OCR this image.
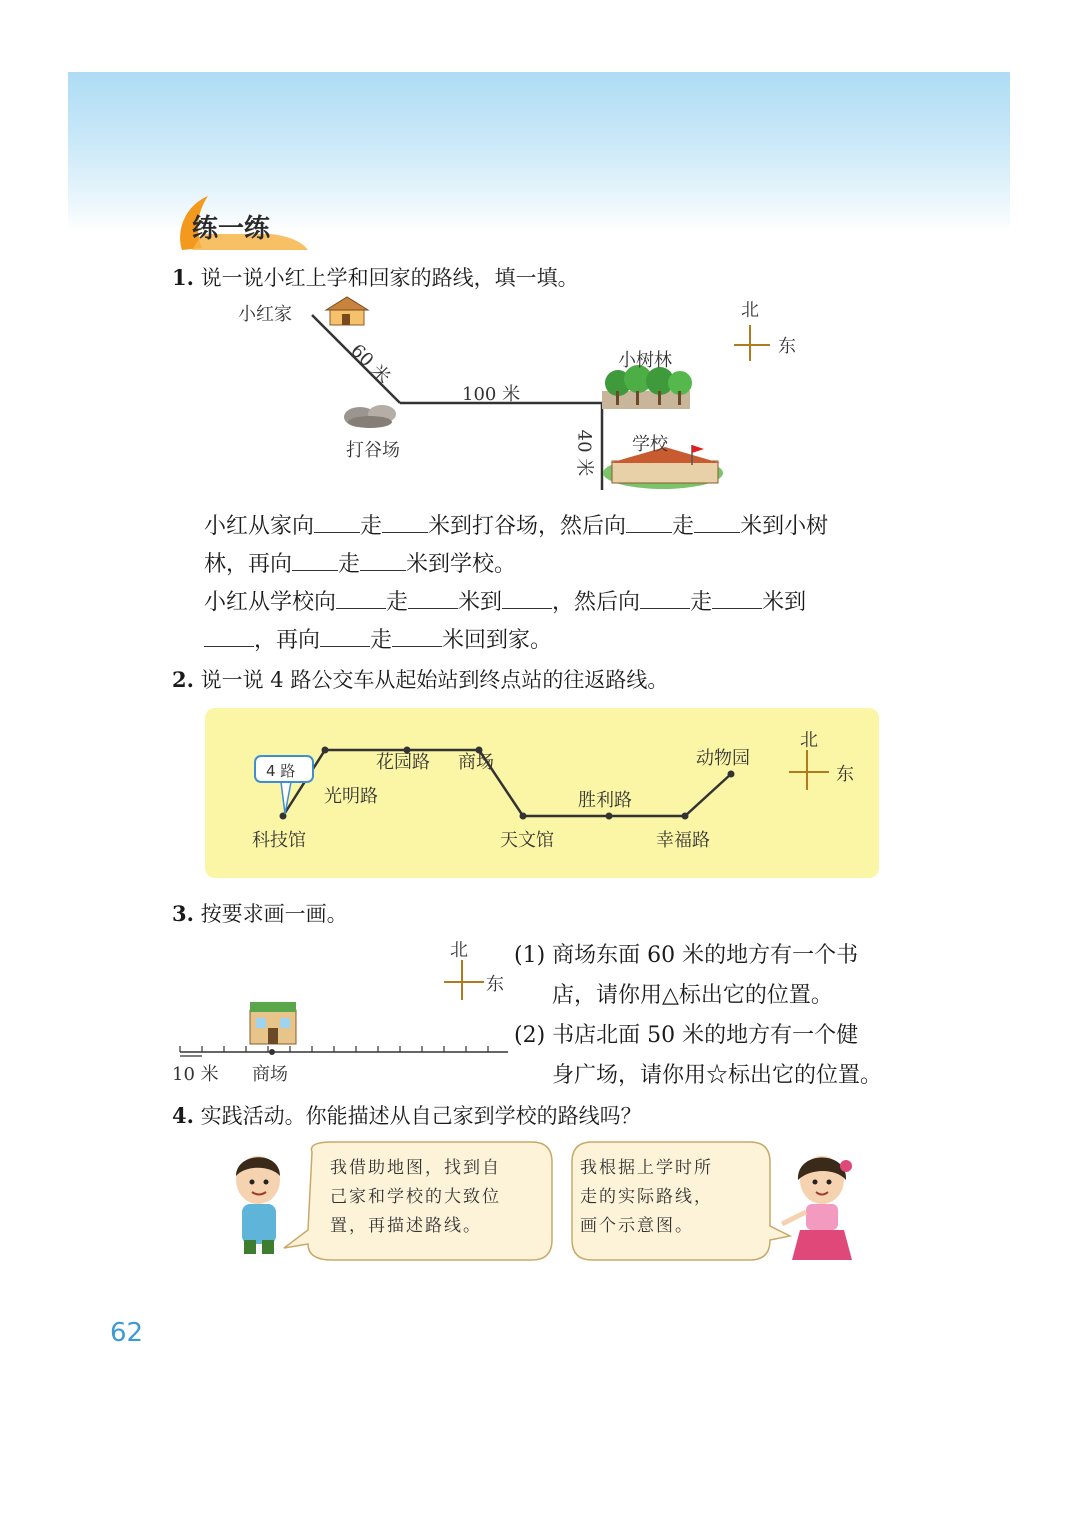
练一练
1. 说一说小红上学和回家的路线，填一填。
小红家
打谷场
小树林
学校
60 米
100 米
40 米
北
东
小红从家向 走 米到打谷场，然后向 走 米到小树
林，再向 走 米到学校。
小红从学校向 走 米到 ，然后向 走 米到
，再向 走 米回到家。
2. 说一说 4 路公交车从起始站到终点站的往返路线。
4 路
科技馆
光明路
花园路 商场
天文馆
胜利路
幸福路
动物园
北
东
3. 按要求画一画。
北
东
10 米 商场
(1) 商场东面 60 米的地方有一个书
店，请你用△标出它的位置。
(2) 书店北面 50 米的地方有一个健
身广场，请你用☆标出它的位置。
4. 实践活动。你能描述从自己家到学校的路线吗？
我借助地图，找到自
己家和学校的大致位
置，再描述路线。
我根据上学时所
走的实际路线，
画个示意图。
62
